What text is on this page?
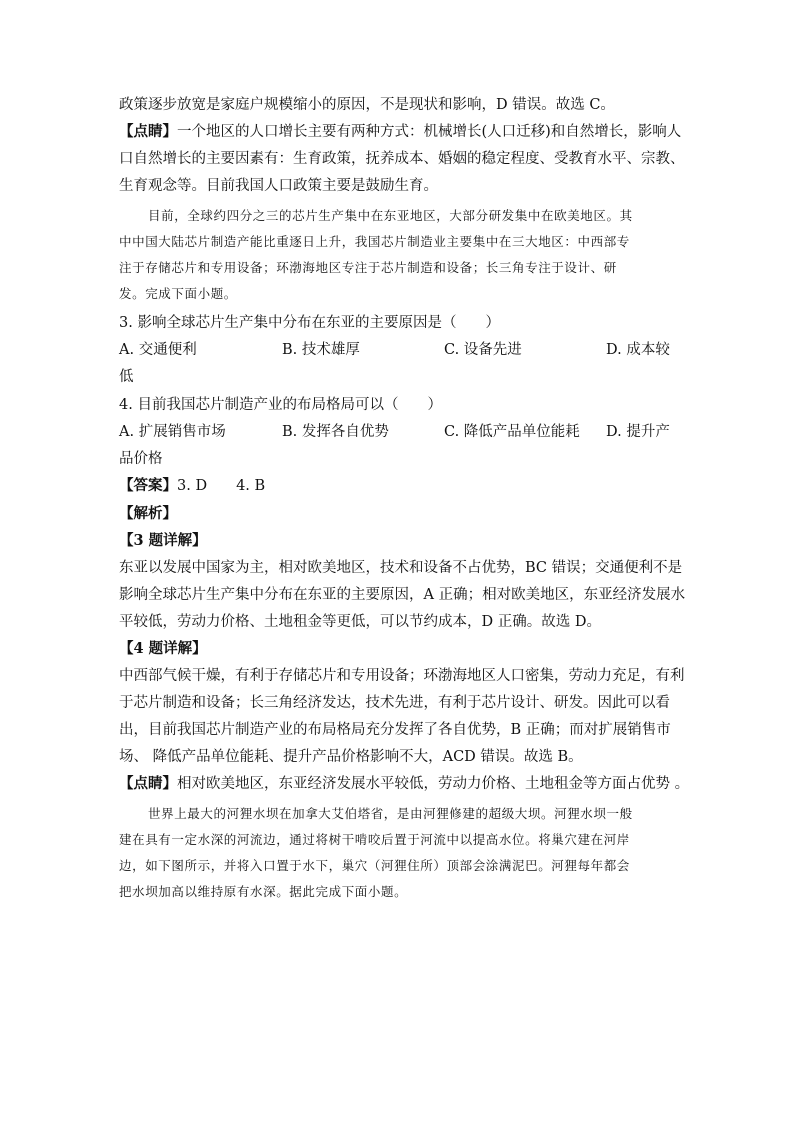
政策逐步放宽是家庭户规模缩小的原因，不是现状和影响，D 错误。故选 C。
【点睛】一个地区的人口增长主要有两种方式：机械增长(人口迁移)和自然增长，影响人
口自然增长的主要因素有：生育政策，抚养成本、婚姻的稳定程度、受教育水平、宗教、
生育观念等。目前我国人口政策主要是鼓励生育。
目前，全球约四分之三的芯片生产集中在东亚地区，大部分研发集中在欧美地区。其
中中国大陆芯片制造产能比重逐日上升，我国芯片制造业主要集中在三大地区：中西部专
注于存储芯片和专用设备；环渤海地区专注于芯片制造和设备；长三角专注于设计、研
发。完成下面小题。
3. 影响全球芯片生产集中分布在东亚的主要原因是（　　）
A. 交通便利	B. 技术雄厚	C. 设备先进	D. 成本较
低
4. 目前我国芯片制造产业的布局格局可以（　　）
A. 扩展销售市场	B. 发挥各自优势	C. 降低产品单位能耗 D. 提升产
品价格
【答案】3. D　　4. B
【解析】
【3 题详解】
东亚以发展中国家为主，相对欧美地区，技术和设备不占优势，BC 错误；交通便利不是
影响全球芯片生产集中分布在东亚的主要原因，A 正确；相对欧美地区，东亚经济发展水
平较低，劳动力价格、土地租金等更低，可以节约成本，D 正确。故选 D。
【4 题详解】
中西部气候干燥，有利于存储芯片和专用设备；环渤海地区人口密集，劳动力充足，有利
于芯片制造和设备；长三角经济发达，技术先进，有利于芯片设计、研发。因此可以看
出，目前我国芯片制造产业的布局格局充分发挥了各自优势，B 正确；而对扩展销售市
场、 降低产品单位能耗、提升产品价格影响不大，ACD 错误。故选 B。
【点睛】相对欧美地区，东亚经济发展水平较低，劳动力价格、土地租金等方面占优势 。
世界上最大的河狸水坝在加拿大艾伯塔省，是由河狸修建的超级大坝。河狸水坝一般
建在具有一定水深的河流边，通过将树干啃咬后置于河流中以提高水位。将巢穴建在河岸
边，如下图所示，并将入口置于水下，巢穴（河狸住所）顶部会涂满泥巴。河狸每年都会
把水坝加高以维持原有水深。据此完成下面小题。
